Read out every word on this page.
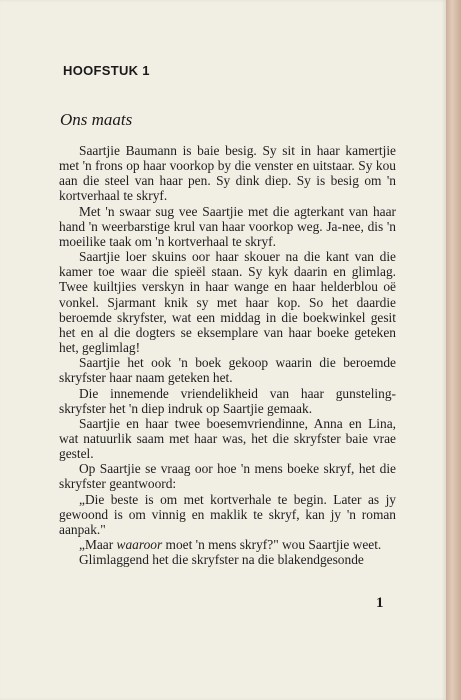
HOOFSTUK 1
Ons maats

Saartjie Baumann is baie besig. Sy sit in haar kamertjie met 'n frons op haar voorkop by die venster en uitstaar. Sy kou aan die steel van haar pen. Sy dink diep. Sy is besig om 'n kortverhaal te skryf.

Met 'n swaar sug vee Saartjie met die agterkant van haar hand 'n weerbarstige krul van haar voorkop weg. Ja-nee, dis 'n moeilike taak om 'n kortverhaal te skryf.

Saartjie loer skuins oor haar skouer na die kant van die kamer toe waar die spieël staan. Sy kyk daarin en glimlag. Twee kuiltjies verskyn in haar wange en haar helderblou oë vonkel. Sjarmant knik sy met haar kop. So het daardie beroemde skryfster, wat een middag in die boekwinkel gesit het en al die dogters se eksemplare van haar boeke geteken het, geglimlag!

Saartjie het ook 'n boek gekoop waarin die beroemde skryfster haar naam geteken het.

Die innemende vriendelikheid van haar gunsteling-skryfster het 'n diep indruk op Saartjie gemaak.

Saartjie en haar twee boesemvriendinne, Anna en Lina, wat natuurlik saam met haar was, het die skryfster baie vrae gestel.

Op Saartjie se vraag oor hoe 'n mens boeke skryf, het die skryfster geantwoord:

„Die beste is om met kortverhale te begin. Later as jy gewoond is om vinnig en maklik te skryf, kan jy 'n roman aanpak."

„Maar waaroor moet 'n mens skryf?" wou Saartjie weet.

Glimlaggend het die skryfster na die blakendgesonde

1
